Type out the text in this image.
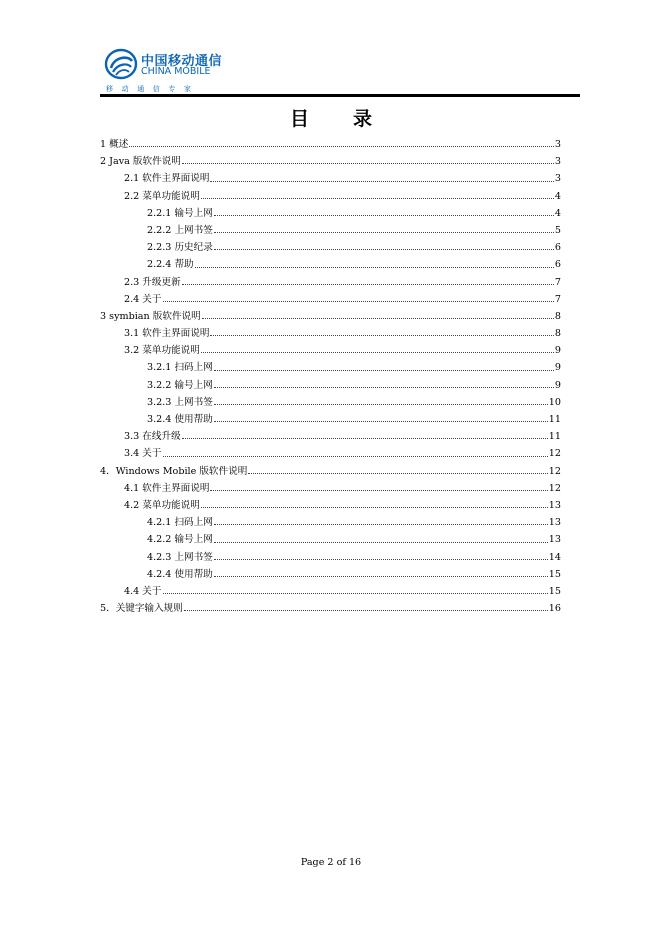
中国移动通信
CHINA MOBILE
移动通信专家
目录
1 概述	3
2 Java 版软件说明	3
2.1 软件主界面说明	3
2.2 菜单功能说明	4
2.2.1 输号上网	4
2.2.2 上网书签	5
2.2.3 历史纪录	6
2.2.4 帮助	6
2.3 升级更新	7
2.4 关于	7
3 symbian 版软件说明	8
3.1 软件主界面说明	8
3.2 菜单功能说明	9
3.2.1 扫码上网	9
3.2.2 输号上网	9
3.2.3 上网书签	10
3.2.4 使用帮助	11
3.3 在线升级	11
3.4 关于	12
4．Windows Mobile 版软件说明	12
4.1 软件主界面说明	12
4.2 菜单功能说明	13
4.2.1 扫码上网	13
4.2.2 输号上网	13
4.2.3 上网书签	14
4.2.4 使用帮助	15
4.4 关于	15
5．关键字输入规则	16
Page 2 of 16
